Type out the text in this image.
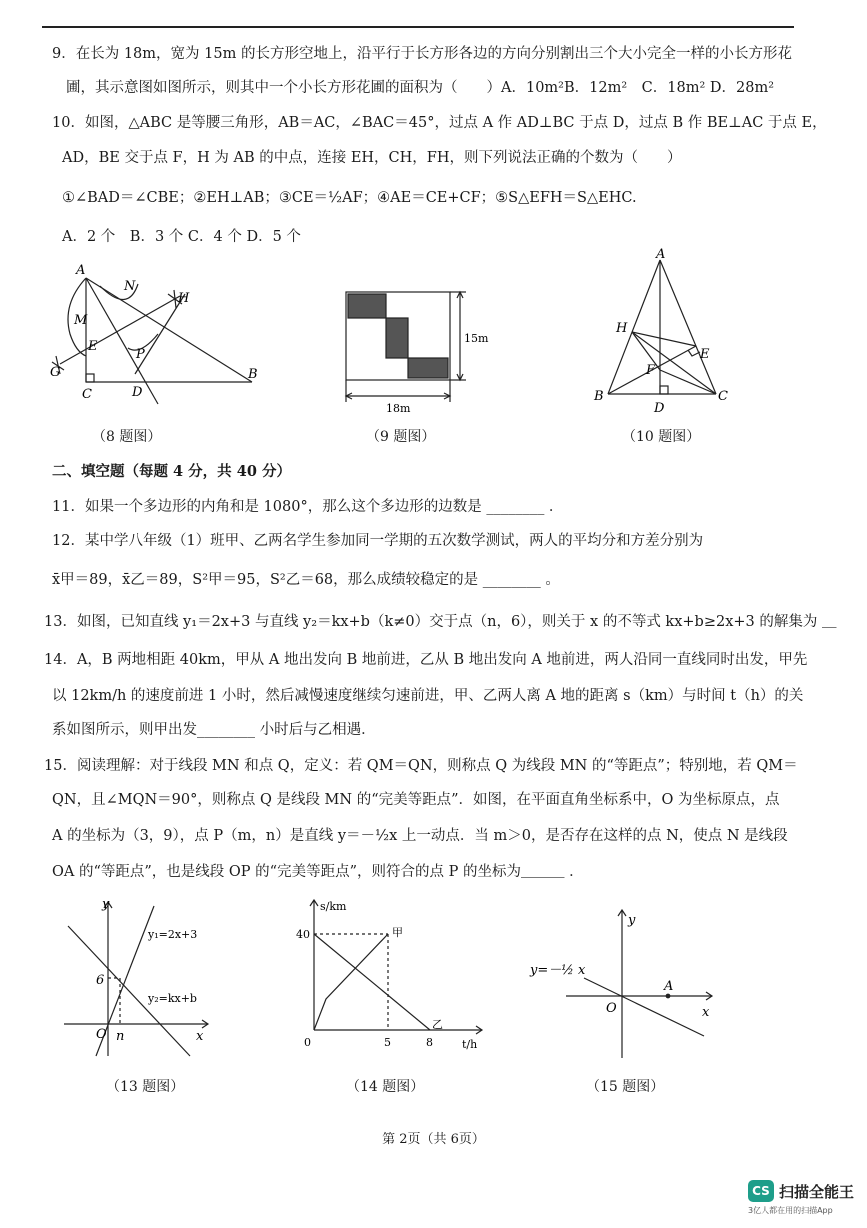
9．在长为 18m，宽为 15m 的长方形空地上，沿平行于长方形各边的方向分别割出三个大小完全一样的小长方形花
圃，其示意图如图所示，则其中一个小长方形花圃的面积为（　　）A．10m²B．12m²　C．18m² D．28m²
10．如图，△ABC 是等腰三角形，AB＝AC，∠BAC＝45°，过点 A 作 AD⊥BC 于点 D，过点 B 作 BE⊥AC 于点 E，
AD，BE 交于点 F，H 为 AB 的中点，连接 EH，CH，FH，则下列说法正确的个数为（　　）
①∠BAD＝∠CBE；②EH⊥AB；③CE＝½AF；④AE＝CE+CF；⑤S△EFH＝S△EHC.
A．2 个　B．3 个 C．4 个 D．5 个
A
N
H
M
E
P
G
C	D
B
15m
18m
A
H
E
F
B
D
C
（8 题图）	（9 题图）	（10 题图）
二、填空题（每题 4 分，共 40 分）
11．如果一个多边形的内角和是 1080°，那么这个多边形的边数是 ________ ．
12．某中学八年级（1）班甲、乙两名学生参加同一学期的五次数学测试，两人的平均分和方差分别为
x̄甲＝89，x̄乙＝89，S²甲＝95，S²乙＝68，那么成绩较稳定的是 ________ 。
13．如图，已知直线 y₁＝2x+3 与直线 y₂＝kx+b（k≠0）交于点（n，6），则关于 x 的不等式 kx+b≥2x+3 的解集为 ＿
14．A，B 两地相距 40km，甲从 A 地出发向 B 地前进，乙从 B 地出发向 A 地前进，两人沿同一直线同时出发，甲先
以 12km/h 的速度前进 1 小时，然后减慢速度继续匀速前进，甲、乙两人离 A 地的距离 s（km）与时间 t（h）的关
系如图所示，则甲出发________ 小时后与乙相遇．
15．阅读理解：对于线段 MN 和点 Q，定义：若 QM＝QN，则称点 Q 为线段 MN 的“等距点”；特别地，若 QM＝
QN，且∠MQN＝90°，则称点 Q 是线段 MN 的“完美等距点”．如图，在平面直角坐标系中，O 为坐标原点，点
A 的坐标为（3，9），点 P（m，n）是直线 y＝－½x 上一动点．当 m＞0，是否存在这样的点 N，使点 N 是线段
OA 的“等距点”，也是线段 OP 的“完美等距点”，则符合的点 P 的坐标为＿＿＿ ．
y
x
6
O n
y₁=2x+3
y₂=kx+b
s/km
t/h
40
0	5	8
甲
乙
y
x
O
A
y=－½ x
（13 题图）	（14 题图）	（15 题图）
第 2页（共 6页）
CS 扫描全能王
3亿人都在用的扫描App
